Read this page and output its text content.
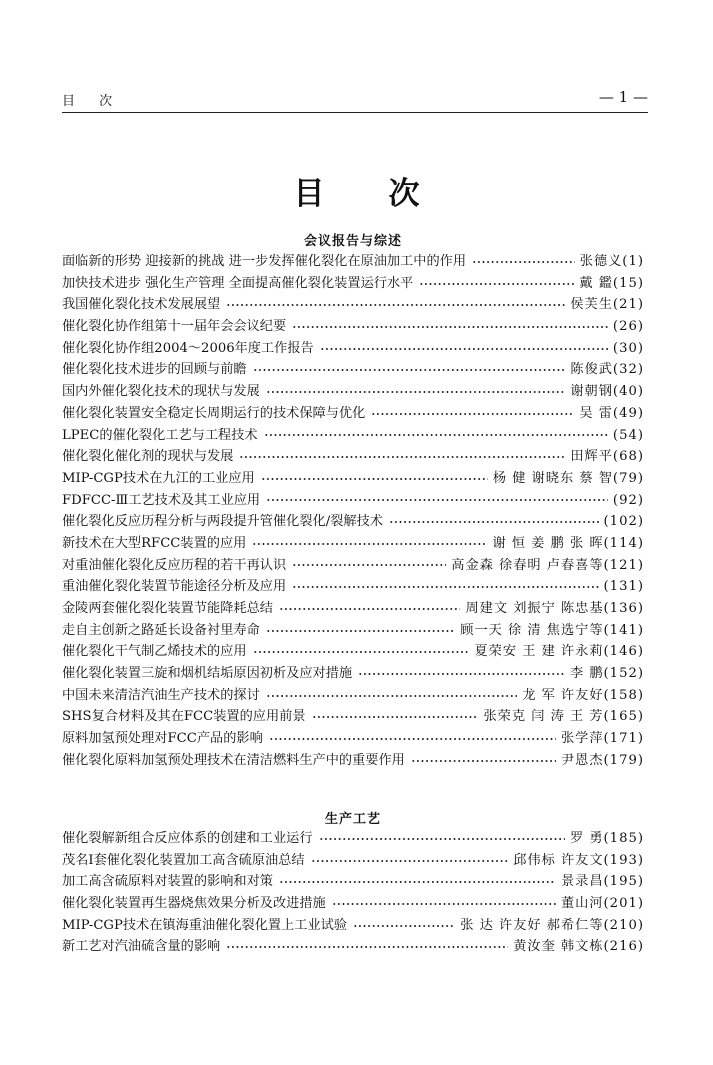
目 次	— 1 —
目次
会议报告与综述
面临新的形势 迎接新的挑战 进一步发挥催化裂化在原油加工中的作用	张德义(1)
加快技术进步 强化生产管理 全面提高催化裂化装置运行水平	戴 鑑(15)
我国催化裂化技术发展展望	侯芙生(21)
催化裂化协作组第十一届年会会议纪要	(26)
催化裂化协作组2004～2006年度工作报告	(30)
催化裂化技术进步的回顾与前瞻	陈俊武(32)
国内外催化裂化技术的现状与发展	谢朝钢(40)
催化裂化装置安全稳定长周期运行的技术保障与优化	吴 雷(49)
LPEC的催化裂化工艺与工程技术	(54)
催化裂化催化剂的现状与发展	田辉平(68)
MIP-CGP技术在九江的工业应用	杨 健 谢晓东 蔡 智(79)
FDFCC-Ⅲ工艺技术及其工业应用	(92)
催化裂化反应历程分析与两段提升管催化裂化/裂解技术	(102)
新技术在大型RFCC装置的应用	谢 恒 姜 鹏 张 晖(114)
对重油催化裂化反应历程的若干再认识	高金森 徐春明 卢春喜等(121)
重油催化裂化装置节能途径分析及应用	(131)
金陵两套催化裂化装置节能降耗总结	周建文 刘振宁 陈忠基(136)
走自主创新之路延长设备衬里寿命	顾一天 徐 清 焦选宁等(141)
催化裂化干气制乙烯技术的应用	夏荣安 王 建 许永莉(146)
催化裂化装置三旋和烟机结垢原因初析及应对措施	李 鹏(152)
中国未来清洁汽油生产技术的探讨	龙 军 许友好(158)
SHS复合材料及其在FCC装置的应用前景	张荣克 闫 涛 王 芳(165)
原料加氢预处理对FCC产品的影响	张学萍(171)
催化裂化原料加氢预处理技术在清洁燃料生产中的重要作用	尹恩杰(179)
生产工艺
催化裂解新组合反应体系的创建和工业运行	罗 勇(185)
茂名Ⅰ套催化裂化装置加工高含硫原油总结	邱伟标 许友文(193)
加工高含硫原料对装置的影响和对策	景录昌(195)
催化裂化装置再生器烧焦效果分析及改进措施	董山河(201)
MIP-CGP技术在镇海重油催化裂化置上工业试验	张 达 许友好 郝希仁等(210)
新工艺对汽油硫含量的影响	黄汝奎 韩文栋(216)
